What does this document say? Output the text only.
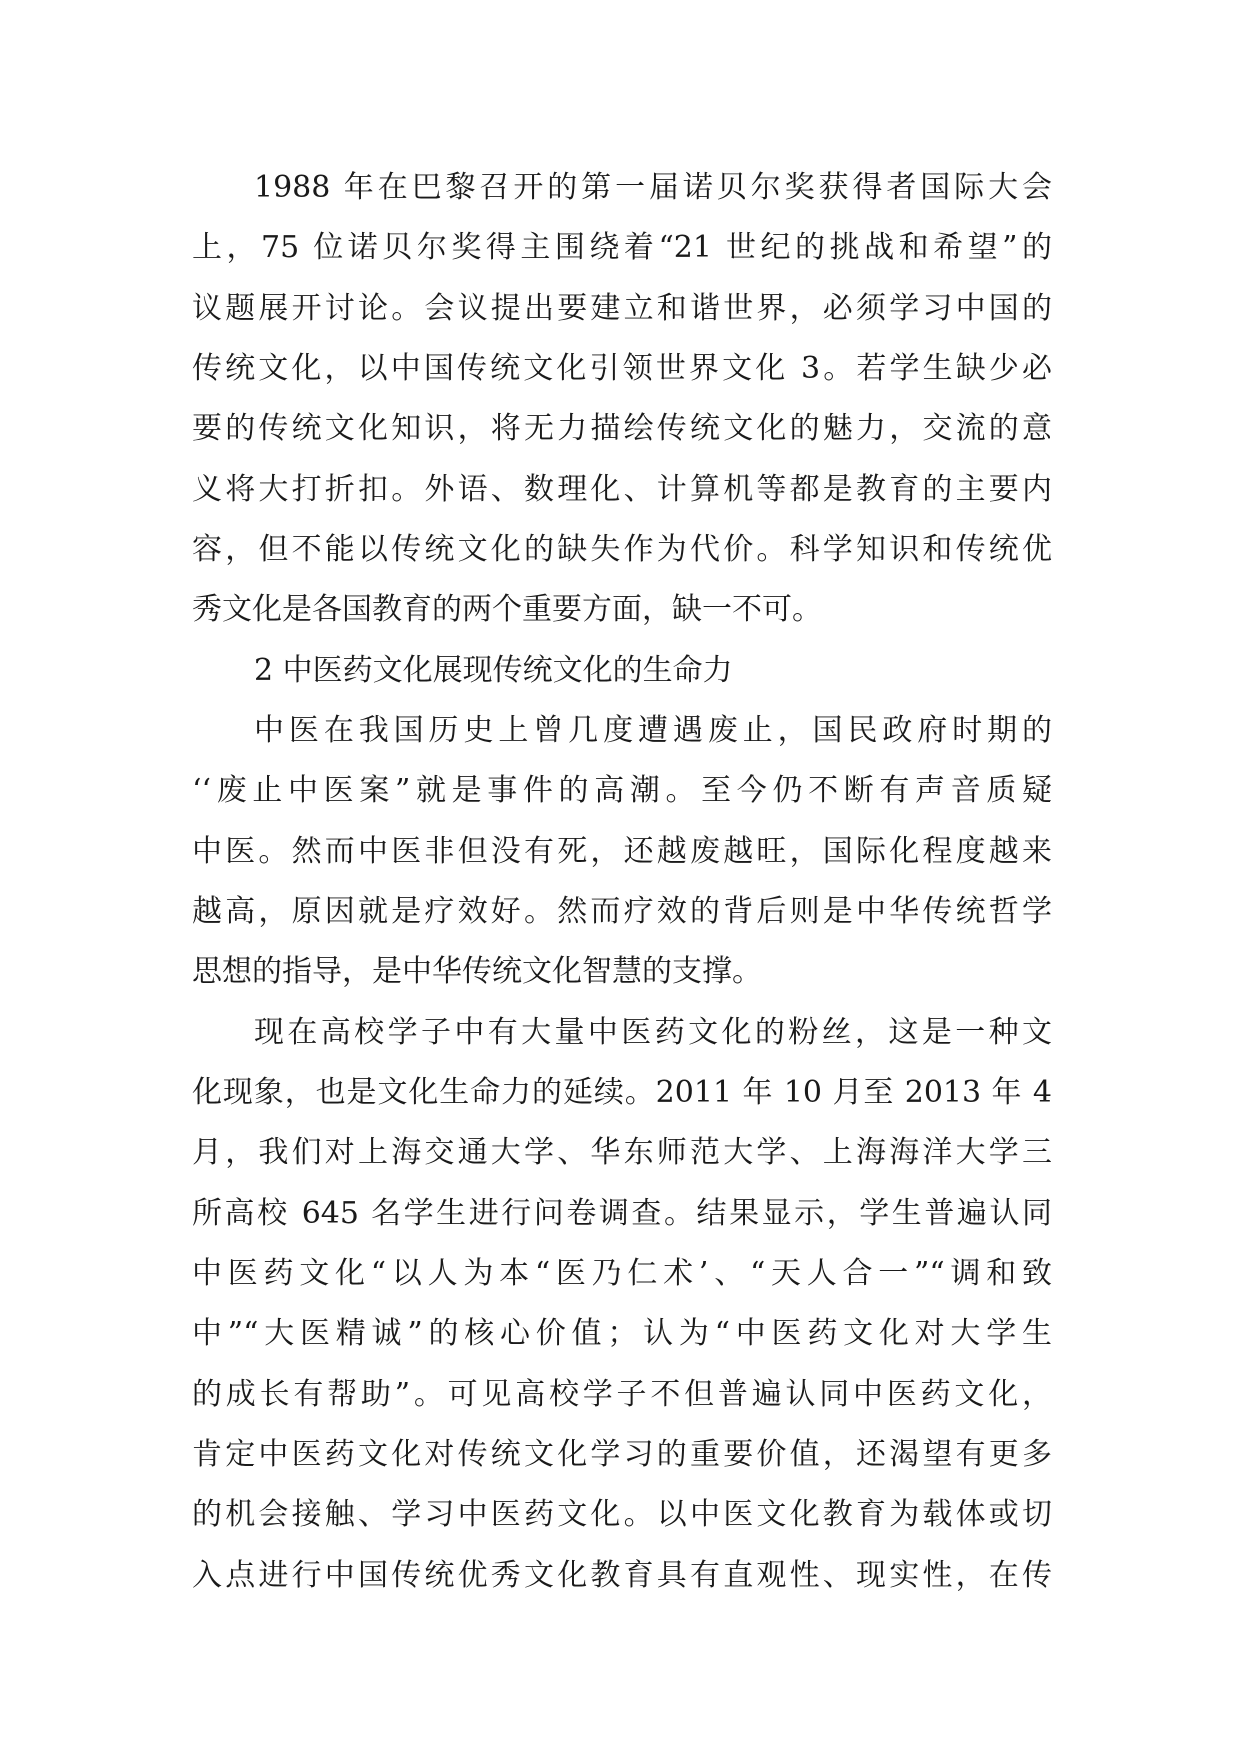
1988 年在巴黎召开的第一届诺贝尔奖获得者国际大会
上，75 位诺贝尔奖得主围绕着“21 世纪的挑战和希望”的
议题展开讨论。会议提出要建立和谐世界，必须学习中国的
传统文化，以中国传统文化引领世界文化 3。若学生缺少必
要的传统文化知识，将无力描绘传统文化的魅力，交流的意
义将大打折扣。外语、数理化、计算机等都是教育的主要内
容，但不能以传统文化的缺失作为代价。科学知识和传统优
秀文化是各国教育的两个重要方面，缺一不可。
2 中医药文化展现传统文化的生命力
中医在我国历史上曾几度遭遇废止，国民政府时期的
‘‘废止中医案”就是事件的高潮。至今仍不断有声音质疑
中医。然而中医非但没有死，还越废越旺，国际化程度越来
越高，原因就是疗效好。然而疗效的背后则是中华传统哲学
思想的指导，是中华传统文化智慧的支撑。
现在高校学子中有大量中医药文化的粉丝，这是一种文
化现象，也是文化生命力的延续。2011 年 10 月至 2013 年 4
月，我们对上海交通大学、华东师范大学、上海海洋大学三
所高校 645 名学生进行问卷调查。结果显示，学生普遍认同
中医药文化“以人为本“医乃仁术’、“天人合一”“调和致
中”“大医精诚”的核心价值；认为“中医药文化对大学生
的成长有帮助”。可见高校学子不但普遍认同中医药文化，
肯定中医药文化对传统文化学习的重要价值，还渴望有更多
的机会接触、学习中医药文化。以中医文化教育为载体或切
入点进行中国传统优秀文化教育具有直观性、现实性，在传
